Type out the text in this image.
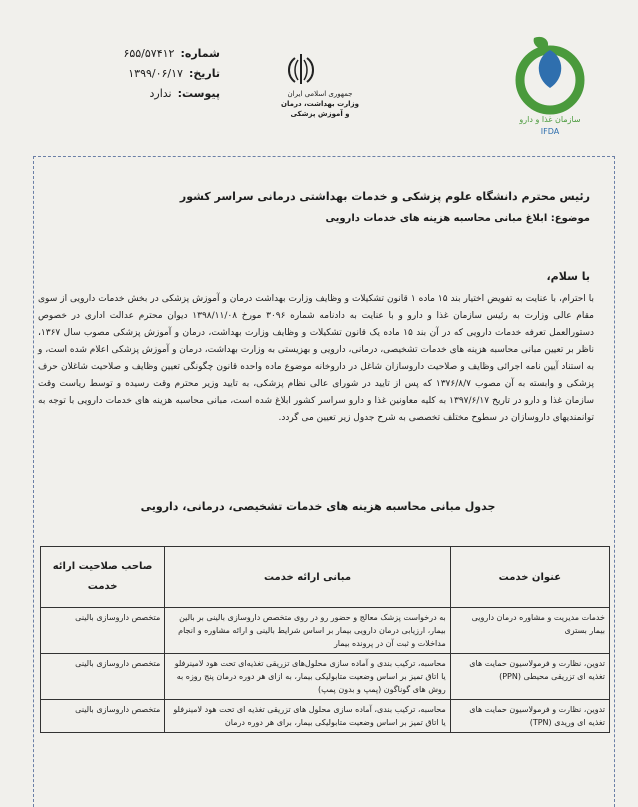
سازمان غذا و دارو
IFDA
جمهوری اسلامی ایران
وزارت بهداشت، درمان
و آموزش پزشکی
شماره:
۶۵۵/۵۷۴۱۲
تاریخ:
۱۳۹۹/۰۶/۱۷
پیوست:
ندارد
رئیس محترم دانشگاه علوم پزشکی و خدمات بهداشتی درمانی سراسر کشور
موضوع: ابلاغ مبانی محاسبه هزینه های خدمات دارویی
با سلام،
با احترام، با عنایت به تفویض اختیار بند ۱۵ ماده ۱ قانون تشکیلات و وظایف وزارت بهداشت درمان و آموزش پزشکی در بخش خدمات دارویی از سوی مقام عالی وزارت به رئیس سازمان غذا و دارو و با عنایت به دادنامه شماره ۳۰۹۶ مورخ ۱۳۹۸/۱۱/۰۸ دیوان محترم عدالت اداری در خصوص دستورالعمل تعرفه خدمات دارویی که در آن بند ۱۵ ماده یک قانون تشکیلات و وظایف وزارت بهداشت، درمان و آموزش پزشکی مصوب سال ۱۳۶۷، ناظر بر تعیین مبانی محاسبه هزینه های خدمات تشخیصی، درمانی، دارویی و بهزیستی به وزارت بهداشت، درمان و آموزش پزشکی اعلام شده است، و به استناد آیین نامه اجرائی وظایف و صلاحیت داروسازان شاغل در داروخانه موضوع ماده واحده قانون چگونگی تعیین وظایف و صلاحیت شاغلان حرف پزشکی و وابسته به آن مصوب ۱۳۷۶/۸/۷ که پس از تایید در شورای عالی نظام پزشکی، به تایید وزیر محترم وقت رسیده و توسط ریاست وقت سازمان غذا و دارو در تاریخ ۱۳۹۷/۶/۱۷ به کلیه معاونین غذا و دارو سراسر کشور ابلاغ شده است، مبانی محاسبه هزینه های خدمات دارویی با توجه به توانمندیهای داروسازان در سطوح مختلف تخصصی به شرح جدول زیر تعیین می گردد.
جدول مبانی محاسبه هزینه های خدمات تشخیصی، درمانی، دارویی
عنوان خدمت	مبانی ارائه خدمت	صاحب صلاحیت ارائه خدمت
خدمات مدیریت و مشاوره درمان دارویی بیمار بستری	به درخواست پزشک معالج و حضور رو در روی متخصص داروسازی بالینی بر بالین بیمار، ارزیابی درمان دارویی بیمار بر اساس شرایط بالینی و ارائه مشاوره و انجام مداخلات و ثبت آن در پرونده بیمار	متخصص داروسازی بالینی
تدوین، نظارت و فرمولاسیون حمایت های تغذیه ای تزریقی محیطی (PPN)	محاسبه، ترکیب بندی و آماده سازی محلول‌های تزریقی تغذیه‌ای تحت هود لامینرفلو یا اتاق تمیز بر اساس وضعیت متابولیکی بیمار، به ازای هر دوره درمان پنج روزه به روش های گوناگون (پمپ و بدون پمپ)	متخصص داروسازی بالینی
تدوین، نظارت و فرمولاسیون حمایت های تغذیه ای وریدی (TPN)	محاسبه، ترکیب بندی، آماده سازی محلول های تزریقی تغذیه ای تحت هود لامینرفلو یا اتاق تمیز بر اساس وضعیت متابولیکی بیمار، برای هر دوره درمان	متخصص داروسازی بالینی
